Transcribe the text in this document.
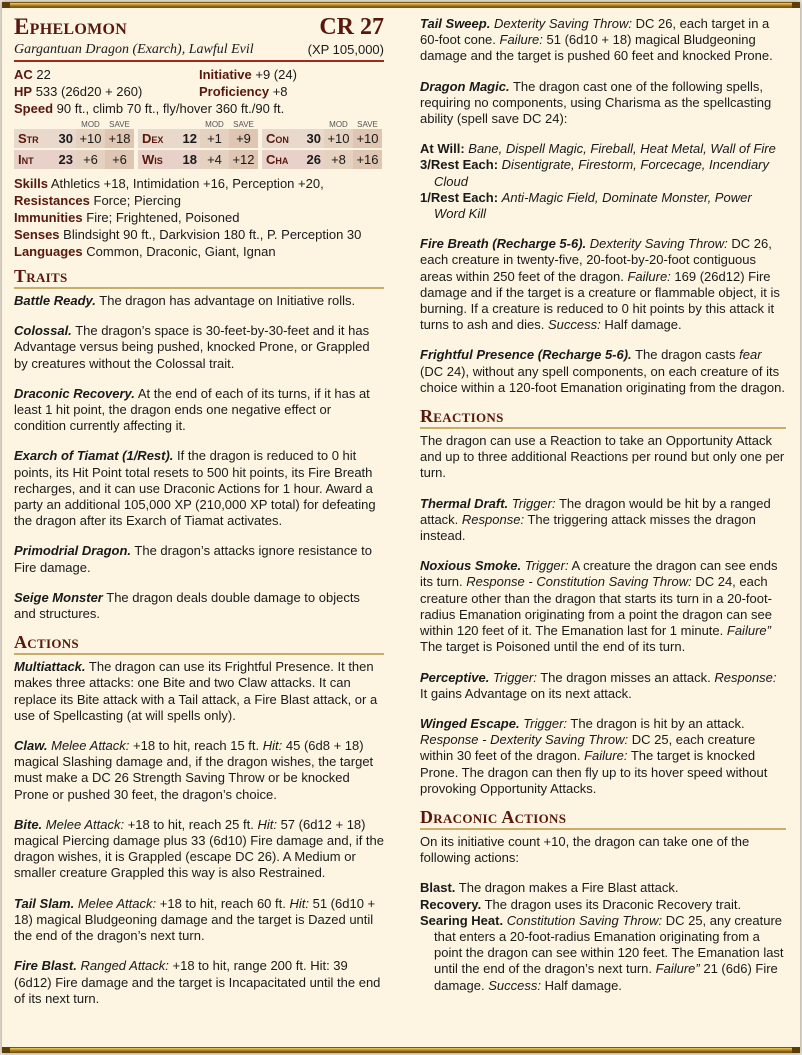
Ephelomon	CR 27
Gargantuan Dragon (Exarch), Lawful Evil	(XP 105,000)
AC 22	Initiative +9 (24)
HP 533 (26d20 + 260)	Proficiency +8
Speed 90 ft., climb 70 ft., fly/hover 360 ft./90 ft.
MOD	SAVE	MOD	SAVE	MOD	SAVE
Str	30 +10 +18 Dex	12 +1	+9	Con	30 +10 +10
Int	23 +6	+6	Wis	18 +4 +12 Cha	26 +8 +16
Skills Athletics +18, Intimidation +16, Perception +20,
Resistances Force; Piercing
Immunities Fire; Frightened, Poisoned
Senses Blindsight 90 ft., Darkvision 180 ft., P. Perception 30
Languages Common, Draconic, Giant, Ignan
Traits

Battle Ready. The dragon has advantage on Initiative rolls.

Colossal. The dragon’s space is 30-feet-by-30-feet and it has Advantage versus being pushed, knocked Prone, or Grappled by creatures without the Colossal trait.

Draconic Recovery. At the end of each of its turns, if it has at least 1 hit point, the dragon ends one negative effect or condition currently affecting it.

Exarch of Tiamat (1/Rest). If the dragon is reduced to 0 hit points, its Hit Point total resets to 500 hit points, its Fire Breath recharges, and it can use Draconic Actions for 1 hour. Award a party an additional 105,000 XP (210,000 XP total) for defeating the dragon after its Exarch of Tiamat activates.

Primodrial Dragon. The dragon’s attacks ignore resistance to Fire damage.

Seige Monster The dragon deals double damage to objects and structures.

Actions

Multiattack. The dragon can use its Frightful Presence. It then makes three attacks: one Bite and two Claw attacks. It can replace its Bite attack with a Tail attack, a Fire Blast attack, or a use of Spellcasting (at will spells only).

Claw. Melee Attack: +18 to hit, reach 15 ft. Hit: 45 (6d8 + 18) magical Slashing damage and, if the dragon wishes, the target must make a DC 26 Strength Saving Throw or be knocked Prone or pushed 30 feet, the dragon’s choice.

Bite. Melee Attack: +18 to hit, reach 25 ft. Hit: 57 (6d12 + 18) magical Piercing damage plus 33 (6d10) Fire damage and, if the dragon wishes, it is Grappled (escape DC 26). A Medium or smaller creature Grappled this way is also Restrained.

Tail Slam. Melee Attack: +18 to hit, reach 60 ft. Hit: 51 (6d10 + 18) magical Bludgeoning damage and the target is Dazed until the end of the dragon’s next turn.

Fire Blast. Ranged Attack: +18 to hit, range 200 ft. Hit: 39 (6d12) Fire damage and the target is Incapacitated until the end of its next turn.

Tail Sweep. Dexterity Saving Throw: DC 26, each target in a 60-foot cone. Failure: 51 (6d10 + 18) magical Bludgeoning damage and the target is pushed 60 feet and knocked Prone.

Dragon Magic. The dragon cast one of the following spells, requiring no components, using Charisma as the spellcasting ability (spell save DC 24):

At Will: Bane, Dispell Magic, Fireball, Heat Metal, Wall of Fire
3/Rest Each: Disentigrate, Firestorm, Forcecage, Incendiary Cloud
1/Rest Each: Anti-Magic Field, Dominate Monster, Power Word Kill

Fire Breath (Recharge 5-6). Dexterity Saving Throw: DC 26, each creature in twenty-five, 20-foot-by-20-foot contiguous areas within 250 feet of the dragon. Failure: 169 (26d12) Fire damage and if the target is a creature or flammable object, it is burning. If a creature is reduced to 0 hit points by this attack it turns to ash and dies. Success: Half damage.

Frightful Presence (Recharge 5-6). The dragon casts fear (DC 24), without any spell components, on each creature of its choice within a 120-foot Emanation originating from the dragon.

Reactions

The dragon can use a Reaction to take an Opportunity Attack and up to three additional Reactions per round but only one per turn.

Thermal Draft. Trigger: The dragon would be hit by a ranged attack. Response: The triggering attack misses the dragon instead.

Noxious Smoke. Trigger: A creature the dragon can see ends its turn. Response - Constitution Saving Throw: DC 24, each creature other than the dragon that starts its turn in a 20-foot-radius Emanation originating from a point the dragon can see within 120 feet of it. The Emanation last for 1 minute. Failure” The target is Poisoned until the end of its turn.

Perceptive. Trigger: The dragon misses an attack. Response: It gains Advantage on its next attack.

Winged Escape. Trigger: The dragon is hit by an attack. Response - Dexterity Saving Throw: DC 25, each creature within 30 feet of the dragon. Failure: The target is knocked Prone. The dragon can then fly up to its hover speed without provoking Opportunity Attacks.

Draconic Actions

On its initiative count +10, the dragon can take one of the following actions:

Blast. The dragon makes a Fire Blast attack.
Recovery. The dragon uses its Draconic Recovery trait.
Searing Heat. Constitution Saving Throw: DC 25, any creature that enters a 20-foot-radius Emanation originating from a point the dragon can see within 120 feet. The Emanation last until the end of the dragon’s next turn. Failure” 21 (6d6) Fire damage. Success: Half damage.
